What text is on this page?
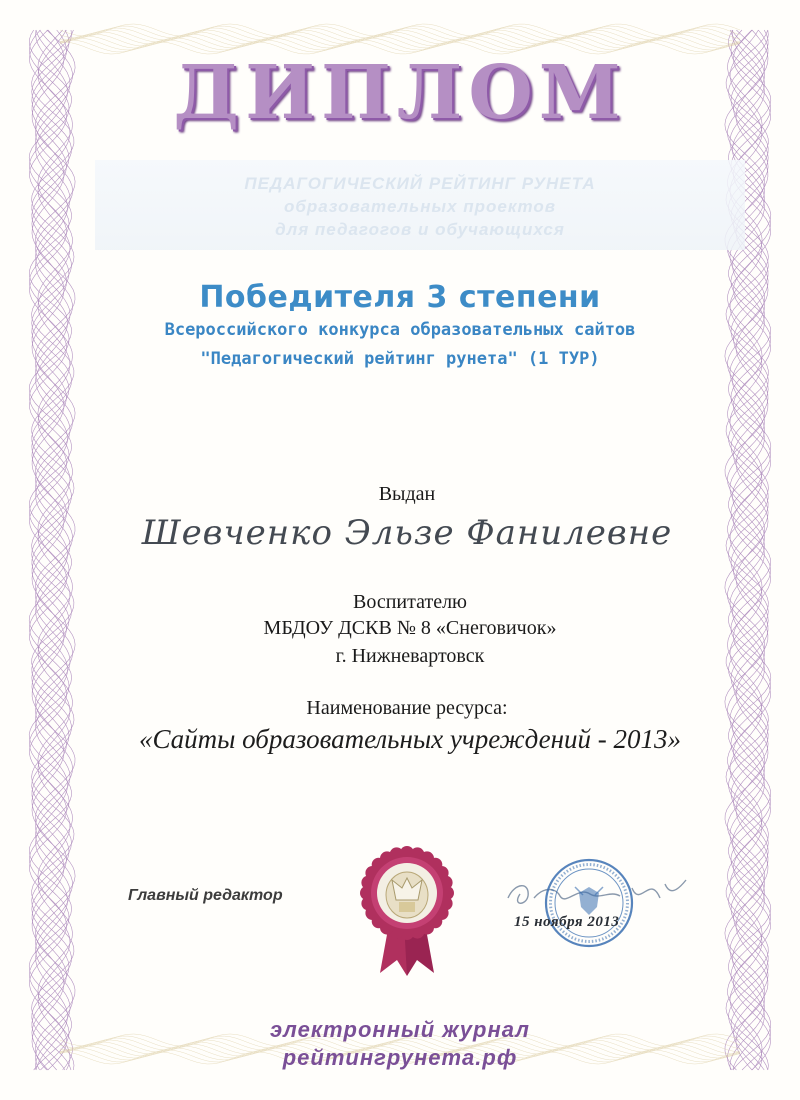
ДИПЛОМ
ПЕДАГОГИЧЕСКИЙ РЕЙТИНГ РУНЕТА
образовательных проектов
для педагогов и обучающихся
Победителя 3 степени
Всероссийского конкурса образовательных сайтов
"Педагогический рейтинг рунета" (1 ТУР)
Выдан
Шевченко Эльзе Фанилевне
Воспитателю
МБДОУ ДСКВ № 8 «Снеговичок»
г. Нижневартовск
Наименование ресурса:
«Сайты образовательных учреждений - 2013»
Главный редактор
15 ноября 2013
электронный журнал
рейтингрунета.рф
